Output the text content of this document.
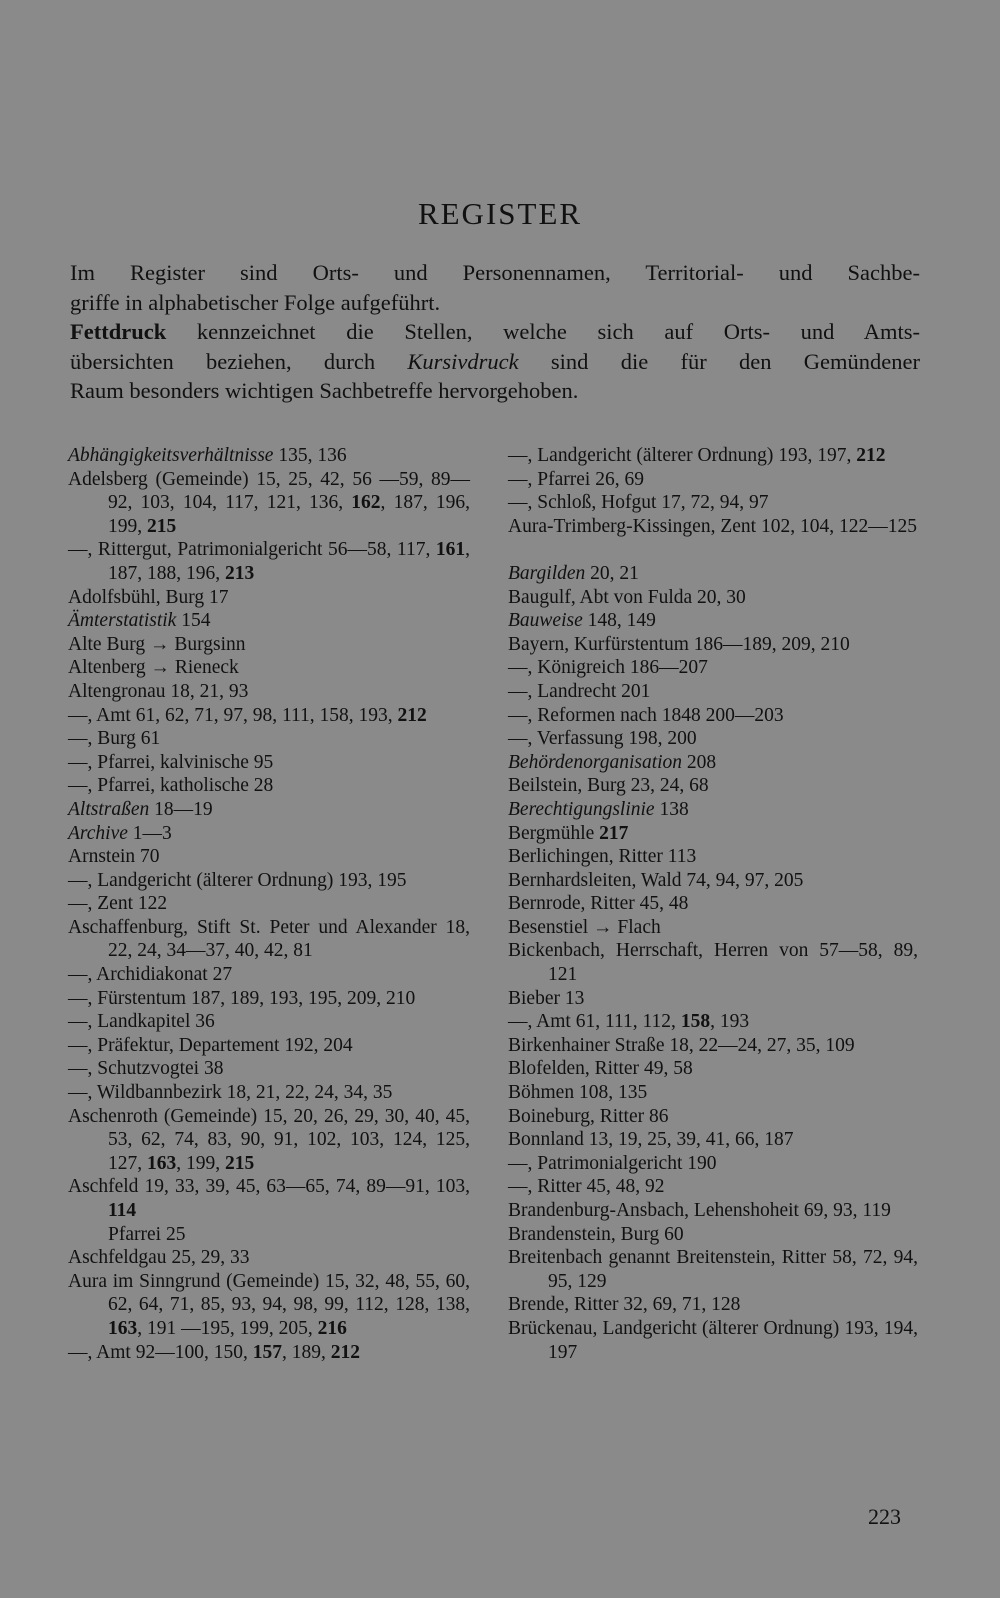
REGISTER
Im Register sind Orts- und Personennamen, Territorial- und Sachbe-
griffe in alphabetischer Folge aufgeführt.
Fettdruck kennzeichnet die Stellen, welche sich auf Orts- und Amts-
übersichten beziehen, durch Kursivdruck sind die für den Gemündener
Raum besonders wichtigen Sachbetreffe hervorgehoben.
Abhängigkeitsverhältnisse 135, 136
Adelsberg (Gemeinde) 15, 25, 42, 56 —59, 89—92, 103, 104, 117, 121, 136, 162, 187, 196, 199, 215
—, Rittergut, Patrimonialgericht 56—58, 117, 161, 187, 188, 196, 213
Adolfsbühl, Burg 17
Ämterstatistik 154
Alte Burg → Burgsinn
Altenberg → Rieneck
Altengronau 18, 21, 93
—, Amt 61, 62, 71, 97, 98, 111, 158, 193, 212
—, Burg 61
—, Pfarrei, kalvinische 95
—, Pfarrei, katholische 28
Altstraßen 18—19
Archive 1—3
Arnstein 70
—, Landgericht (älterer Ordnung) 193, 195
—, Zent 122
Aschaffenburg, Stift St. Peter und Alexander 18, 22, 24, 34—37, 40, 42, 81
—, Archidiakonat 27
—, Fürstentum 187, 189, 193, 195, 209, 210
—, Landkapitel 36
—, Präfektur, Departement 192, 204
—, Schutzvogtei 38
—, Wildbannbezirk 18, 21, 22, 24, 34, 35
Aschenroth (Gemeinde) 15, 20, 26, 29, 30, 40, 45, 53, 62, 74, 83, 90, 91, 102, 103, 124, 125, 127, 163, 199, 215
Aschfeld 19, 33, 39, 45, 63—65, 74, 89—91, 103, 114
Pfarrei 25
Aschfeldgau 25, 29, 33
Aura im Sinngrund (Gemeinde) 15, 32, 48, 55, 60, 62, 64, 71, 85, 93, 94, 98, 99, 112, 128, 138, 163, 191 —195, 199, 205, 216
—, Amt 92—100, 150, 157, 189, 212
—, Landgericht (älterer Ordnung) 193, 197, 212
—, Pfarrei 26, 69
—, Schloß, Hofgut 17, 72, 94, 97
Aura-Trimberg-Kissingen, Zent 102, 104, 122—125
Bargilden 20, 21
Baugulf, Abt von Fulda 20, 30
Bauweise 148, 149
Bayern, Kurfürstentum 186—189, 209, 210
—, Königreich 186—207
—, Landrecht 201
—, Reformen nach 1848 200—203
—, Verfassung 198, 200
Behördenorganisation 208
Beilstein, Burg 23, 24, 68
Berechtigungslinie 138
Bergmühle 217
Berlichingen, Ritter 113
Bernhardsleiten, Wald 74, 94, 97, 205
Bernrode, Ritter 45, 48
Besenstiel → Flach
Bickenbach, Herrschaft, Herren von 57—58, 89, 121
Bieber 13
—, Amt 61, 111, 112, 158, 193
Birkenhainer Straße 18, 22—24, 27, 35, 109
Blofelden, Ritter 49, 58
Böhmen 108, 135
Boineburg, Ritter 86
Bonnland 13, 19, 25, 39, 41, 66, 187
—, Patrimonialgericht 190
—, Ritter 45, 48, 92
Brandenburg-Ansbach, Lehenshoheit 69, 93, 119
Brandenstein, Burg 60
Breitenbach genannt Breitenstein, Ritter 58, 72, 94, 95, 129
Brende, Ritter 32, 69, 71, 128
Brückenau, Landgericht (älterer Ordnung) 193, 194, 197
223
